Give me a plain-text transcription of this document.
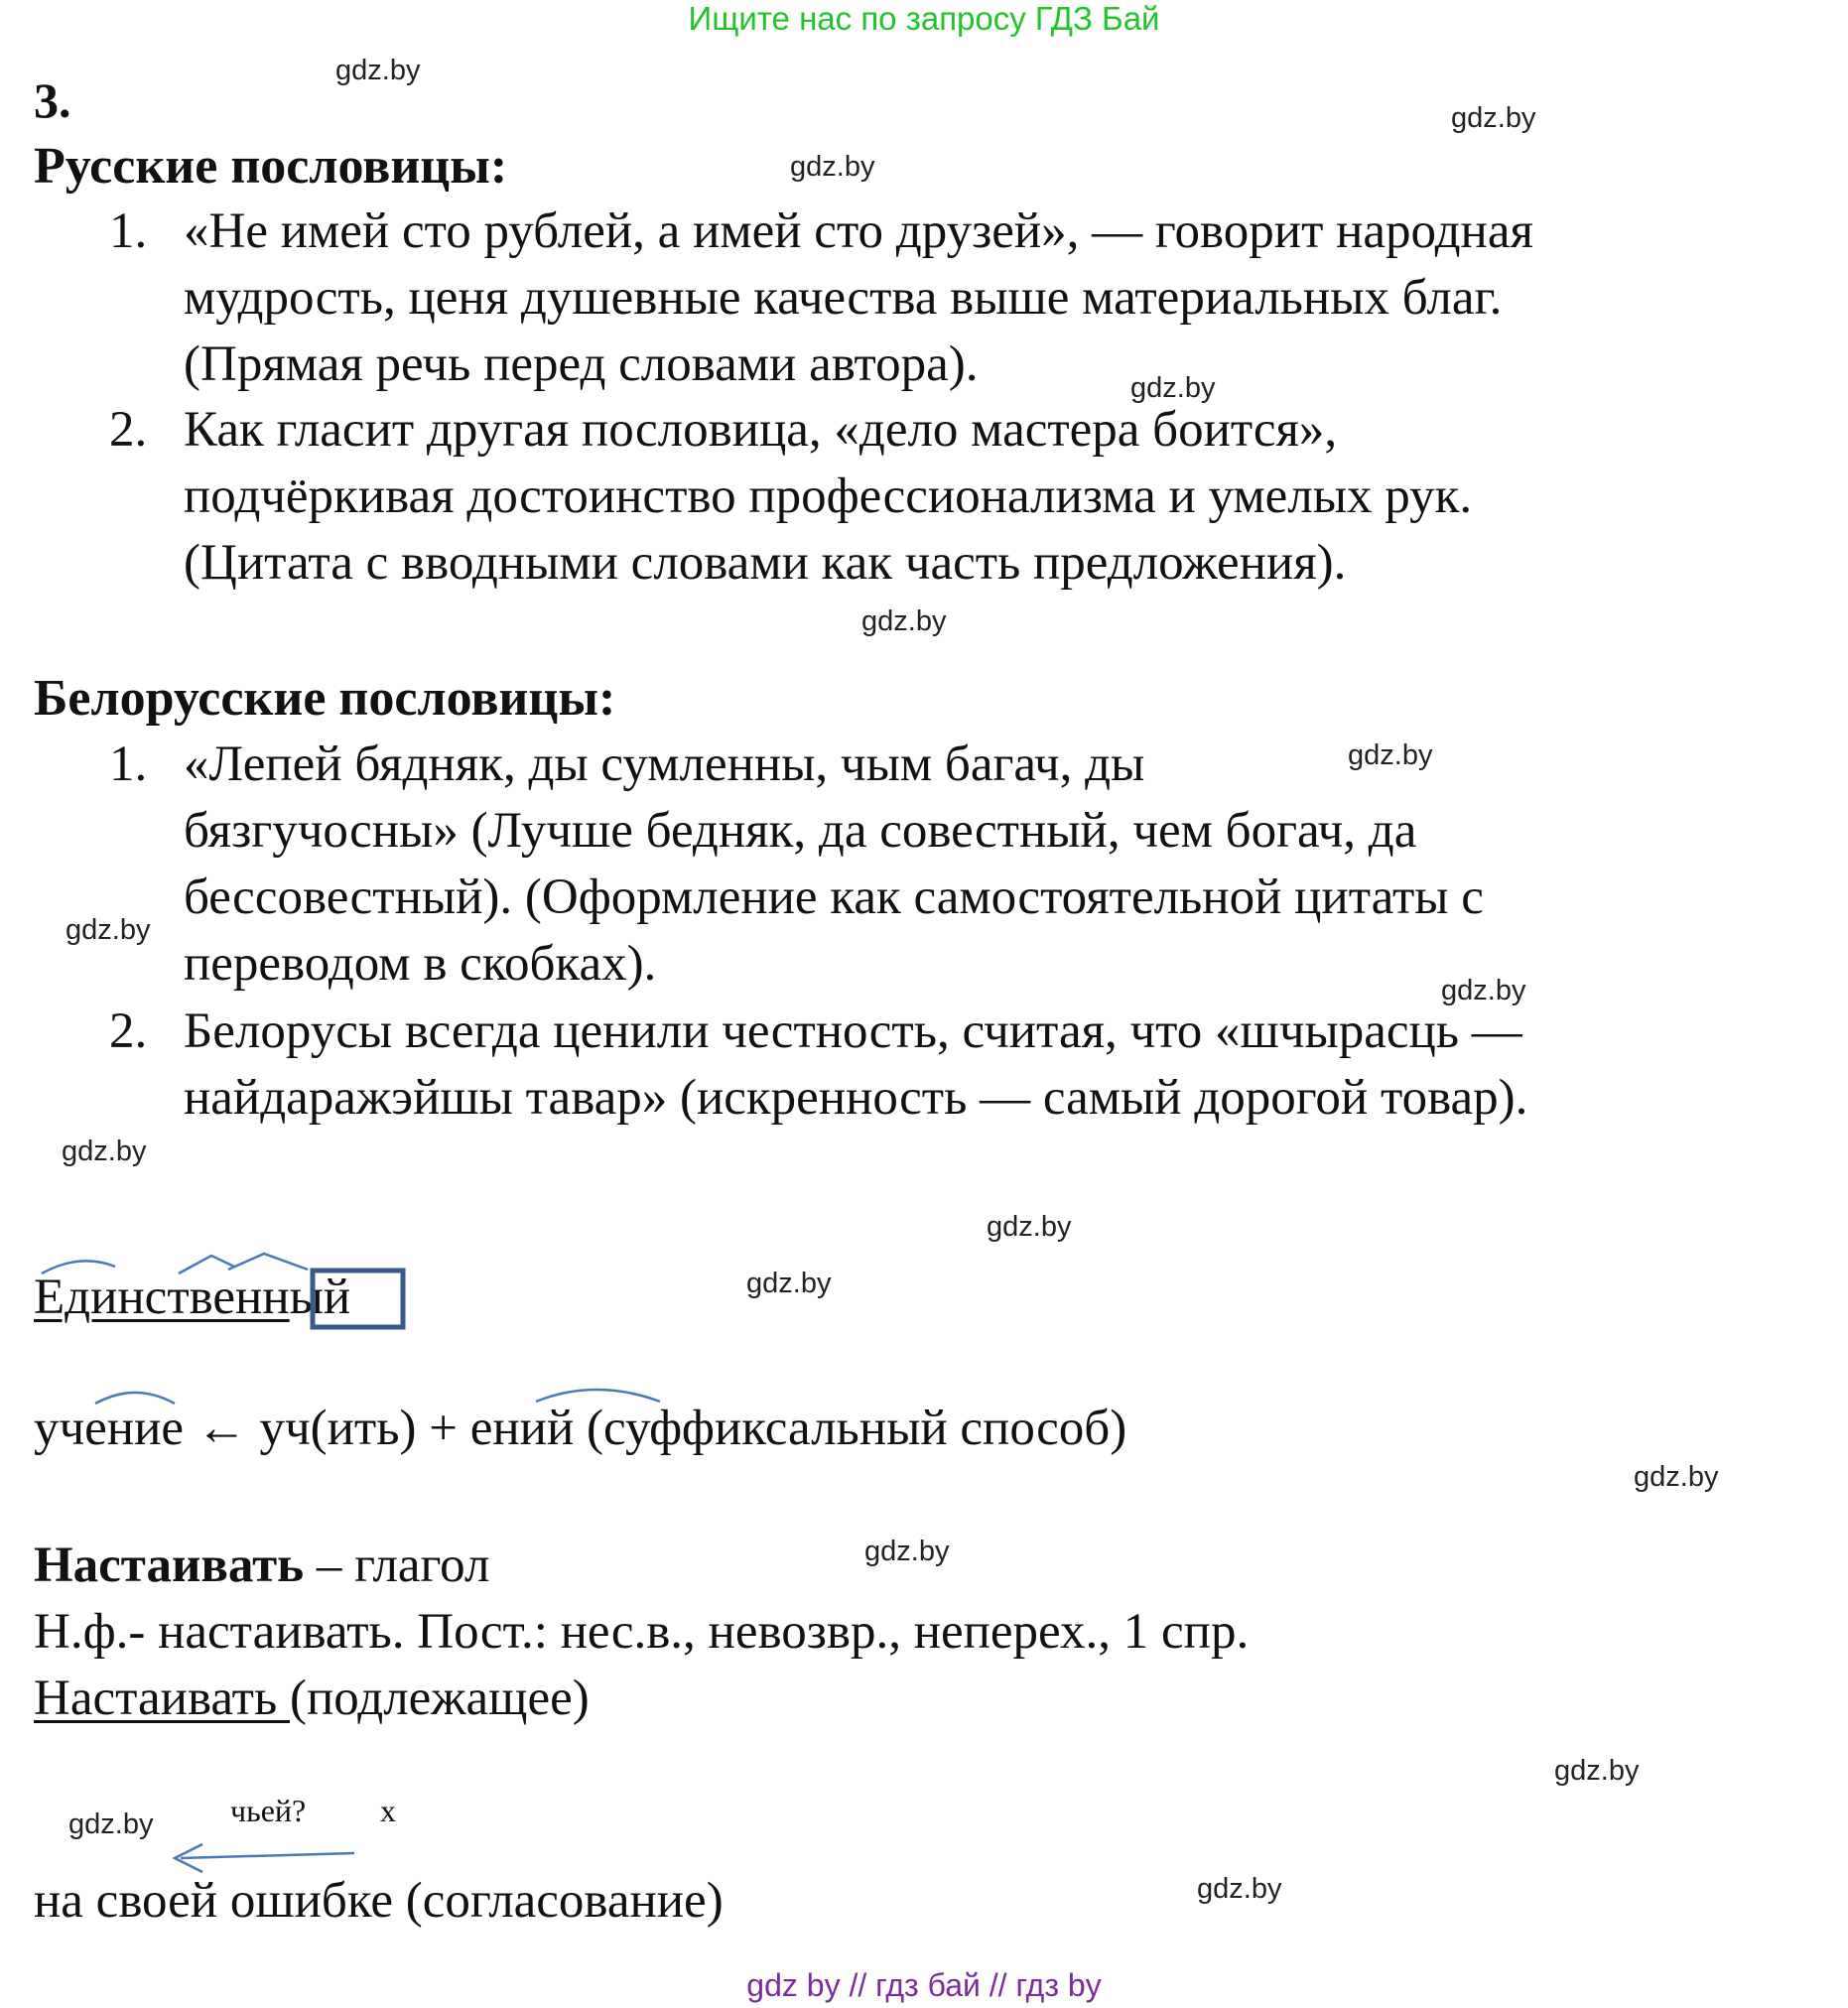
Ищите нас по запросу ГДЗ Бай
gdz.by
gdz.by
gdz.by
gdz.by
gdz.by
gdz.by
gdz.by
gdz.by
gdz.by
gdz.by
gdz.by
gdz.by
gdz.by
gdz.by
gdz.by
gdz.by
3.
Русские пословицы:
1. «Не имей сто рублей, а имей сто друзей», — говорит народная
мудрость, ценя душевные качества выше материальных благ.
(Прямая речь перед словами автора).
2. Как гласит другая пословица, «дело мастера боится»,
подчёркивая достоинство профессионализма и умелых рук.
(Цитата с вводными словами как часть предложения).
Белорусские пословицы:
1. «Лепей бядняк, ды сумленны, чым багач, ды
бязгучосны» (Лучше бедняк, да совестный, чем богач, да
бессовестный). (Оформление как самостоятельной цитаты с
переводом в скобках).
2. Белорусы всегда ценили честность, считая, что «шчырасць —
найдаражэйшы тавар» (искренность — самый дорогой товар).
Единственный
учение ← уч(ить) + ений (суффиксальный способ)
Настаивать – глагол
Н.ф.- настаивать. Пост.: нес.в., невозвр., неперех., 1 спр.
Настаивать (подлежащее)
чьей? х
на своей ошибке (согласование)
gdz by // гдз бай // гдз by
